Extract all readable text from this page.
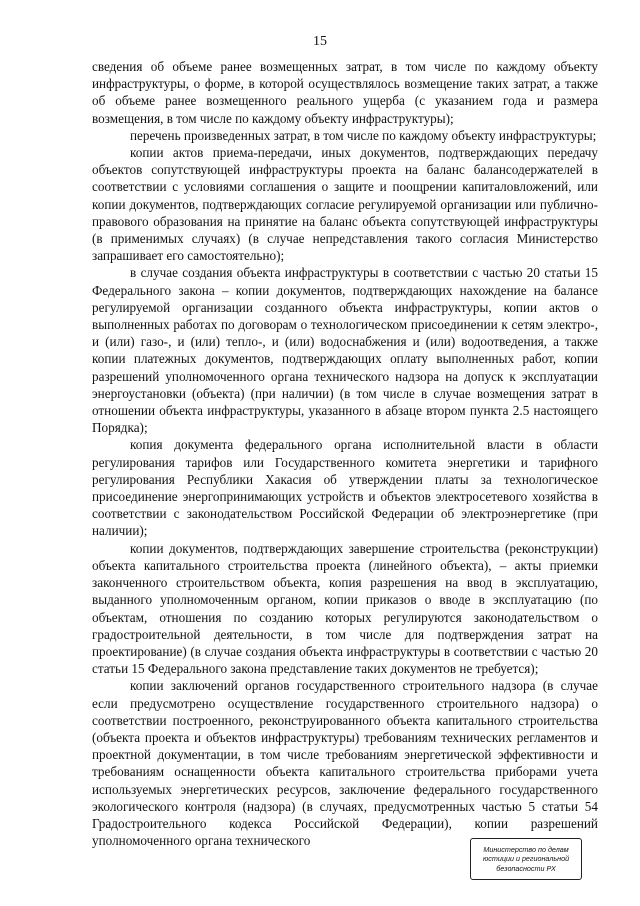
15

сведения об объеме ранее возмещенных затрат, в том числе по каждому объекту инфраструктуры, о форме, в которой осуществлялось возмещение таких затрат, а также об объеме ранее возмещенного реального ущерба (с указанием года и размера возмещения, в том числе по каждому объекту инфраструктуры);

перечень произведенных затрат, в том числе по каждому объекту инфраструктуры;

копии актов приема-передачи, иных документов, подтверждающих передачу объектов сопутствующей инфраструктуры проекта на баланс балансодержателей в соответствии с условиями соглашения о защите и поощрении капиталовложений, или копии документов, подтверждающих согласие регулируемой организации или публично-правового образования на принятие на баланс объекта сопутствующей инфраструктуры (в применимых случаях) (в случае непредставления такого согласия Министерство запрашивает его самостоятельно);

в случае создания объекта инфраструктуры в соответствии с частью 20 статьи 15 Федерального закона – копии документов, подтверждающих нахождение на балансе регулируемой организации созданного объекта инфраструктуры, копии актов о выполненных работах по договорам о технологическом присоединении к сетям электро-, и (или) газо-, и (или) тепло-, и (или) водоснабжения и (или) водоотведения, а также копии платежных документов, подтверждающих оплату выполненных работ, копии разрешений уполномоченного органа технического надзора на допуск к эксплуатации энергоустановки (объекта) (при наличии) (в том числе в случае возмещения затрат в отношении объекта инфраструктуры, указанного в абзаце втором пункта 2.5 настоящего Порядка);

копия документа федерального органа исполнительной власти в области регулирования тарифов или Государственного комитета энергетики и тарифного регулирования Республики Хакасия об утверждении платы за технологическое присоединение энергопринимающих устройств и объектов электросетевого хозяйства в соответствии с законодательством Российской Федерации об электроэнергетике (при наличии);

копии документов, подтверждающих завершение строительства (реконструкции) объекта капитального строительства проекта (линейного объекта), – акты приемки законченного строительством объекта, копия разрешения на ввод в эксплуатацию, выданного уполномоченным органом, копии приказов о вводе в эксплуатацию (по объектам, отношения по созданию которых регулируются законодательством о градостроительной деятельности, в том числе для подтверждения затрат на проектирование) (в случае создания объекта инфраструктуры в соответствии с частью 20 статьи 15 Федерального закона представление таких документов не требуется);

копии заключений органов государственного строительного надзора (в случае если предусмотрено осуществление государственного строительного надзора) о соответствии построенного, реконструированного объекта капитального строительства (объекта проекта и объектов инфраструктуры) требованиям технических регламентов и проектной документации, в том числе требованиям энергетической эффективности и требованиям оснащенности объекта капитального строительства приборами учета используемых энергетических ресурсов, заключение федерального государственного экологического контроля (надзора) (в случаях, предусмотренных частью 5 статьи 54 Градостроительного кодекса Российской Федерации), копии разрешений уполномоченного органа технического

Министерство по делам
юстиции и региональной
безопасности РХ
